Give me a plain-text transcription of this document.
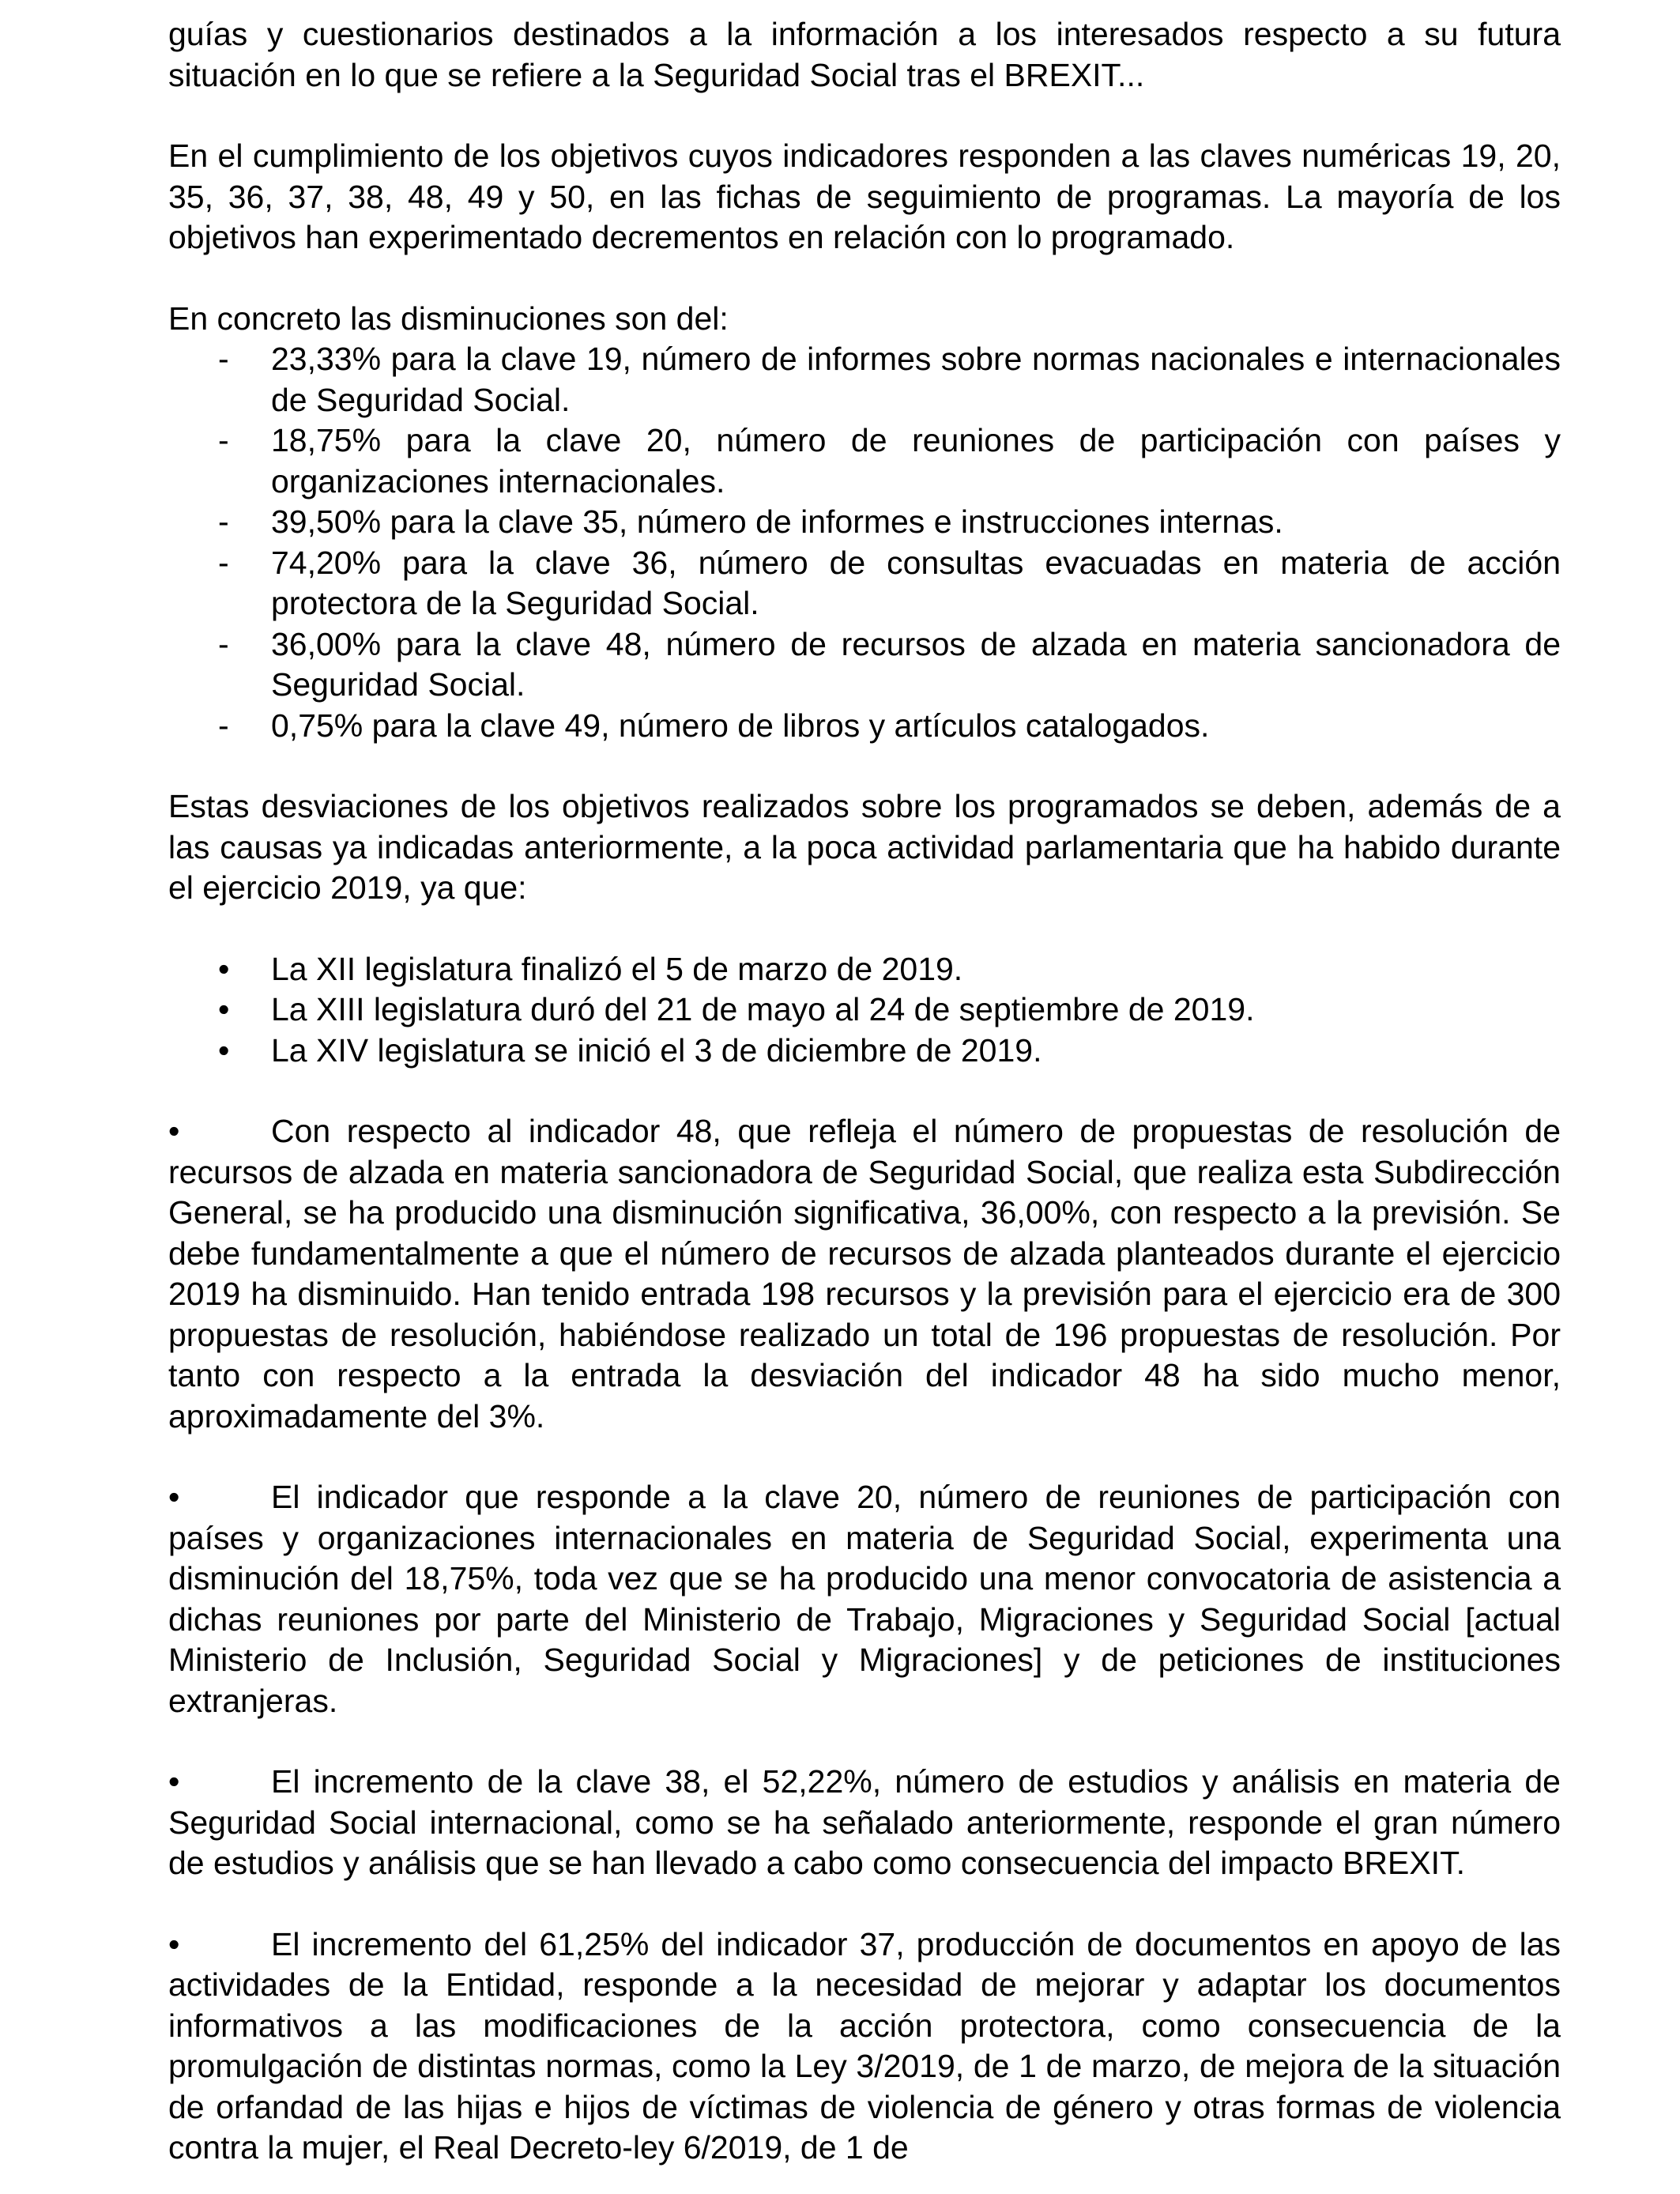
guías y cuestionarios destinados a la información a los interesados respecto a su futura situación en lo que se refiere a la Seguridad Social tras el BREXIT...

En el cumplimiento de los objetivos cuyos indicadores responden a las claves numéricas 19, 20, 35, 36, 37, 38, 48, 49 y 50, en las fichas de seguimiento de programas. La mayoría de los objetivos han experimentado decrementos en relación con lo programado.

En concreto las disminuciones son del:

- 23,33% para la clave 19, número de informes sobre normas nacionales e internacionales de Seguridad Social.
- 18,75% para la clave 20, número de reuniones de participación con países y organizaciones internacionales.
- 39,50% para la clave 35, número de informes e instrucciones internas.
- 74,20% para la clave 36, número de consultas evacuadas en materia de acción protectora de la Seguridad Social.
- 36,00% para la clave 48, número de recursos de alzada en materia sancionadora de Seguridad Social.
- 0,75% para la clave 49, número de libros y artículos catalogados.

Estas desviaciones de los objetivos realizados sobre los programados se deben, además de a las causas ya indicadas anteriormente, a la poca actividad parlamentaria que ha habido durante el ejercicio 2019, ya que:

• La XII legislatura finalizó el 5 de marzo de 2019.
• La XIII legislatura duró del 21 de mayo al 24 de septiembre de 2019.
• La XIV legislatura se inició el 3 de diciembre de 2019.

•	Con respecto al indicador 48, que refleja el número de propuestas de resolución de recursos de alzada en materia sancionadora de Seguridad Social, que realiza esta Subdirección General, se ha producido una disminución significativa, 36,00%, con respecto a la previsión. Se debe fundamentalmente a que el número de recursos de alzada planteados durante el ejercicio 2019 ha disminuido. Han tenido entrada 198 recursos y la previsión para el ejercicio era de 300 propuestas de resolución, habiéndose realizado un total de 196 propuestas de resolución. Por tanto con respecto a la entrada la desviación del indicador 48 ha sido mucho menor, aproximadamente del 3%.

•	El indicador que responde a la clave 20, número de reuniones de participación con países y organizaciones internacionales en materia de Seguridad Social, experimenta una disminución del 18,75%, toda vez que se ha producido una menor convocatoria de asistencia a dichas reuniones por parte del Ministerio de Trabajo, Migraciones y Seguridad Social [actual Ministerio de Inclusión, Seguridad Social y Migraciones] y de peticiones de instituciones extranjeras.

•	El incremento de la clave 38, el 52,22%, número de estudios y análisis en materia de Seguridad Social internacional, como se ha señalado anteriormente, responde el gran número de estudios y análisis que se han llevado a cabo como consecuencia del impacto BREXIT.

•	El incremento del 61,25% del indicador 37, producción de documentos en apoyo de las actividades de la Entidad, responde a la necesidad de mejorar y adaptar los documentos informativos a las modificaciones de la acción protectora, como consecuencia de la promulgación de distintas normas, como la Ley 3/2019, de 1 de marzo, de mejora de la situación de orfandad de las hijas e hijos de víctimas de violencia de género y otras formas de violencia contra la mujer, el Real Decreto-ley 6/2019, de 1 de
